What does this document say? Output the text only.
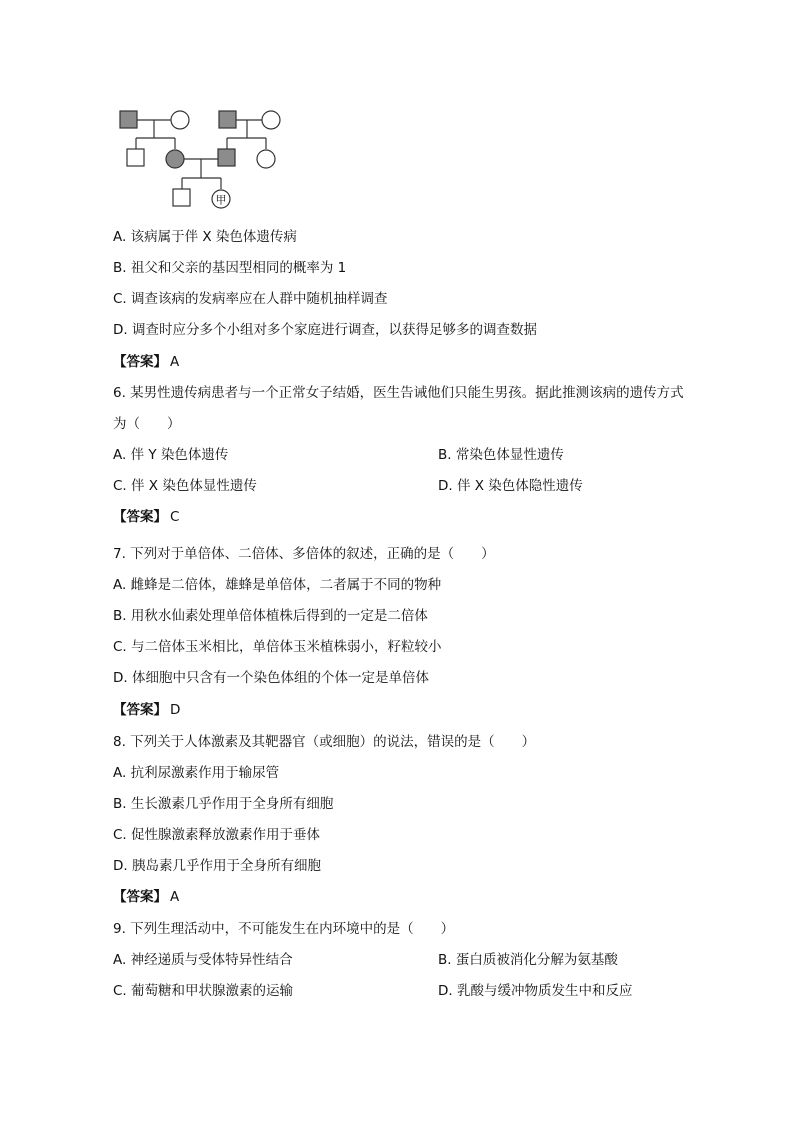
甲
A. 该病属于伴 X 染色体遗传病
B. 祖父和父亲的基因型相同的概率为 1
C. 调查该病的发病率应在人群中随机抽样调查
D. 调查时应分多个小组对多个家庭进行调查，以获得足够多的调查数据
【答案】 A
6. 某男性遗传病患者与一个正常女子结婚，医生告诫他们只能生男孩。据此推测该病的遗传方式
为（　　）
A. 伴 Y 染色体遗传	B. 常染色体显性遗传
C. 伴 X 染色体显性遗传	D. 伴 X 染色体隐性遗传
【答案】 C
7. 下列对于单倍体、二倍体、多倍体的叙述，正确的是（　　）
A. 雌蜂是二倍体，雄蜂是单倍体，二者属于不同的物种
B. 用秋水仙素处理单倍体植株后得到的一定是二倍体
C. 与二倍体玉米相比，单倍体玉米植株弱小，籽粒较小
D. 体细胞中只含有一个染色体组的个体一定是单倍体
【答案】 D
8. 下列关于人体激素及其靶器官（或细胞）的说法，错误的是（　　）
A. 抗利尿激素作用于输尿管
B. 生长激素几乎作用于全身所有细胞
C. 促性腺激素释放激素作用于垂体
D. 胰岛素几乎作用于全身所有细胞
【答案】 A
9. 下列生理活动中，不可能发生在内环境中的是（　　）
A. 神经递质与受体特异性结合	B. 蛋白质被消化分解为氨基酸
C. 葡萄糖和甲状腺激素的运输	D. 乳酸与缓冲物质发生中和反应
